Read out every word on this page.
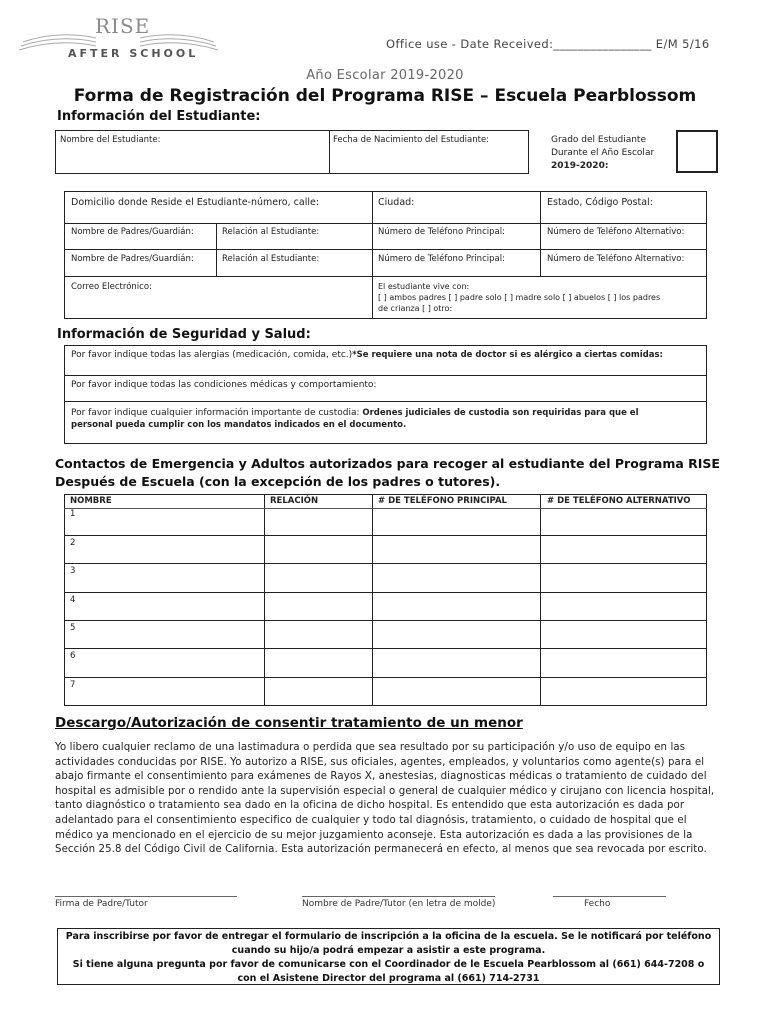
RISE
AFTER SCHOOL
Office use - Date Received:________________ E/M 5/16
Año Escolar 2019-2020
Forma de Registración del Programa RISE – Escuela Pearblossom
Información del Estudiante:
Nombre del Estudiante:	Fecha de Nacimiento del Estudiante:	Grado del Estudiante
Durante el Año Escolar
2019-2020:
Domicilio donde Reside el Estudiante-número, calle:	Ciudad:	Estado, Código Postal:
Nombre de Padres/Guardián:	Relación al Estudiante:	Número de Teléfono Principal:	Número de Teléfono Alternativo:
Nombre de Padres/Guardián:	Relación al Estudiante:	Número de Teléfono Principal:	Número de Teléfono Alternativo:
Correo Electrónico:	El estudiante vive con:
[ ] ambos padres [ ] padre solo [ ] madre solo [ ] abuelos [ ] los padres
de crianza [ ] otro:
Información de Seguridad y Salud:
Por favor indique todas las alergias (medicación, comida, etc.)*Se requiere una nota de doctor si es alérgico a ciertas comidas:
Por favor indique todas las condiciones médicas y comportamiento:
Por favor indique cualquier información importante de custodia: Ordenes judiciales de custodia son requiridas para que el
personal pueda cumplir con los mandatos indicados en el documento.
Contactos de Emergencia y Adultos autorizados para recoger al estudiante del Programa RISE
Después de Escuela (con la excepción de los padres o tutores).
NOMBRE	RELACIÓN	# DE TELÉFONO PRINCIPAL	# DE TELÉFONO ALTERNATIVO
1
2
3
4
5
6
7
Descargo/Autorización de consentir tratamiento de un menor
Yo libero cualquier reclamo de una lastimadura o perdida que sea resultado por su participación y/o uso de equipo en las actividades conducidas por RISE. Yo autorizo a RISE, sus oficiales, agentes, empleados, y voluntarios como agente(s) para el abajo firmante el consentimiento para exámenes de Rayos X, anestesias, diagnosticas médicas o tratamiento de cuidado del hospital es admisible por o rendido ante la supervisión especial o general de cualquier médico y cirujano con licencia hospital, tanto diagnóstico o tratamiento sea dado en la oficina de dicho hospital. Es entendido que esta autorización es dada por adelantado para el consentimiento especifico de cualquier y todo tal diagnósis, tratamiento, o cuidado de hospital que el médico ya mencionado en el ejercicio de su mejor juzgamiento aconseje. Esta autorización es dada a las provisiones de la Sección 25.8 del Código Civil de California. Esta autorización permanecerá en efecto, al menos que sea revocada por escrito.
Firma de Padre/Tutor	Nombre de Padre/Tutor (en letra de molde)	Fecho
Para inscribirse por favor de entregar el formulario de inscripción a la oficina de la escuela. Se le notificará por teléfono
cuando su hijo/a podrá empezar a asistir a este programa.
Si tiene alguna pregunta por favor de comunicarse con el Coordinador de le Escuela Pearblossom al (661) 644-7208 o
con el Asistene Director del programa al (661) 714-2731
